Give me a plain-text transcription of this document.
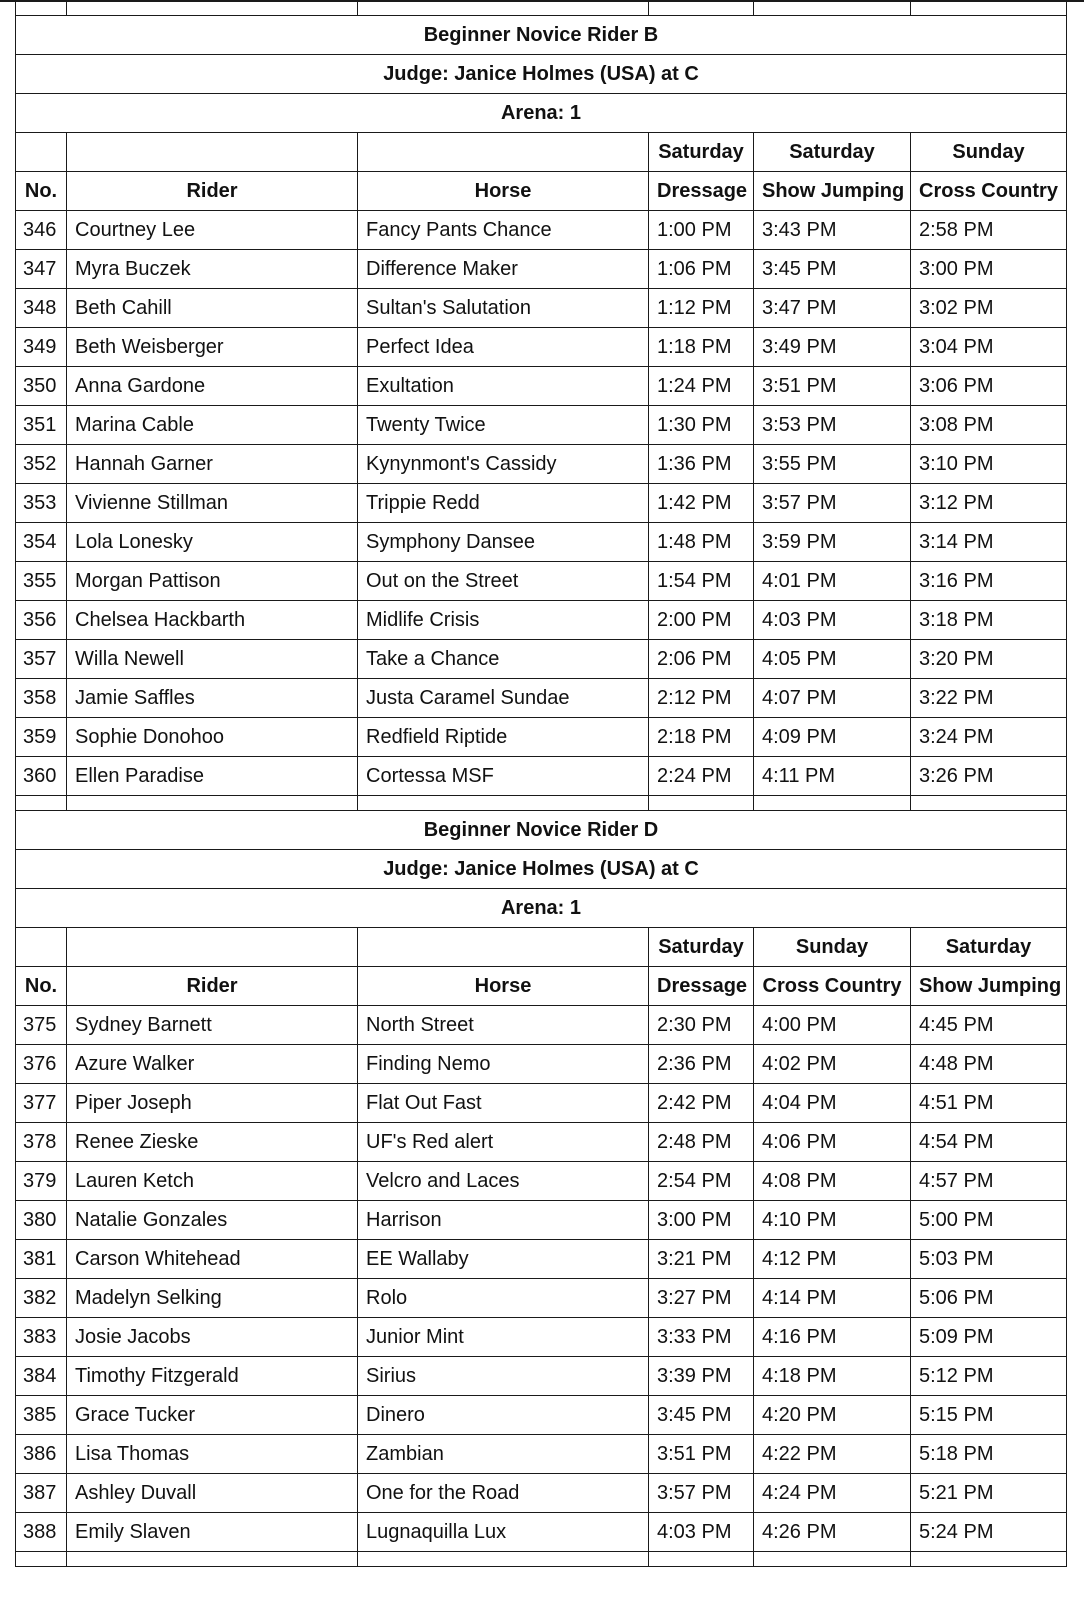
Beginner Novice Rider B					
Judge: Janice Holmes (USA) at C					
Arena: 1					
			Saturday	Saturday	Sunday
No.	Rider	Horse	Dressage	Show Jumping	Cross Country
346	Courtney Lee	Fancy Pants Chance	1:00 PM	3:43 PM	2:58 PM
347	Myra Buczek	Difference Maker	1:06 PM	3:45 PM	3:00 PM
348	Beth Cahill	Sultan's Salutation	1:12 PM	3:47 PM	3:02 PM
349	Beth Weisberger	Perfect Idea	1:18 PM	3:49 PM	3:04 PM
350	Anna Gardone	Exultation	1:24 PM	3:51 PM	3:06 PM
351	Marina Cable	Twenty Twice	1:30 PM	3:53 PM	3:08 PM
352	Hannah Garner	Kynynmont's Cassidy	1:36 PM	3:55 PM	3:10 PM
353	Vivienne Stillman	Trippie Redd	1:42 PM	3:57 PM	3:12 PM
354	Lola Lonesky	Symphony Dansee	1:48 PM	3:59 PM	3:14 PM
355	Morgan Pattison	Out on the Street	1:54 PM	4:01 PM	3:16 PM
356	Chelsea Hackbarth	Midlife Crisis	2:00 PM	4:03 PM	3:18 PM
357	Willa Newell	Take a Chance	2:06 PM	4:05 PM	3:20 PM
358	Jamie Saffles	Justa Caramel Sundae	2:12 PM	4:07 PM	3:22 PM
359	Sophie Donohoo	Redfield Riptide	2:18 PM	4:09 PM	3:24 PM
360	Ellen Paradise	Cortessa MSF	2:24 PM	4:11 PM	3:26 PM

Beginner Novice Rider D					
Judge: Janice Holmes (USA) at C					
Arena: 1					
			Saturday	Sunday	Saturday
No.	Rider	Horse	Dressage	Cross Country	Show Jumping
375	Sydney Barnett	North Street	2:30 PM	4:00 PM	4:45 PM
376	Azure Walker	Finding Nemo	2:36 PM	4:02 PM	4:48 PM
377	Piper Joseph	Flat Out Fast	2:42 PM	4:04 PM	4:51 PM
378	Renee Zieske	UF's Red alert	2:48 PM	4:06 PM	4:54 PM
379	Lauren Ketch	Velcro and Laces	2:54 PM	4:08 PM	4:57 PM
380	Natalie Gonzales	Harrison	3:00 PM	4:10 PM	5:00 PM
381	Carson Whitehead	EE Wallaby	3:21 PM	4:12 PM	5:03 PM
382	Madelyn Selking	Rolo	3:27 PM	4:14 PM	5:06 PM
383	Josie Jacobs	Junior Mint	3:33 PM	4:16 PM	5:09 PM
384	Timothy Fitzgerald	Sirius	3:39 PM	4:18 PM	5:12 PM
385	Grace Tucker	Dinero	3:45 PM	4:20 PM	5:15 PM
386	Lisa Thomas	Zambian	3:51 PM	4:22 PM	5:18 PM
387	Ashley Duvall	One for the Road	3:57 PM	4:24 PM	5:21 PM
388	Emily Slaven	Lugnaquilla Lux	4:03 PM	4:26 PM	5:24 PM
